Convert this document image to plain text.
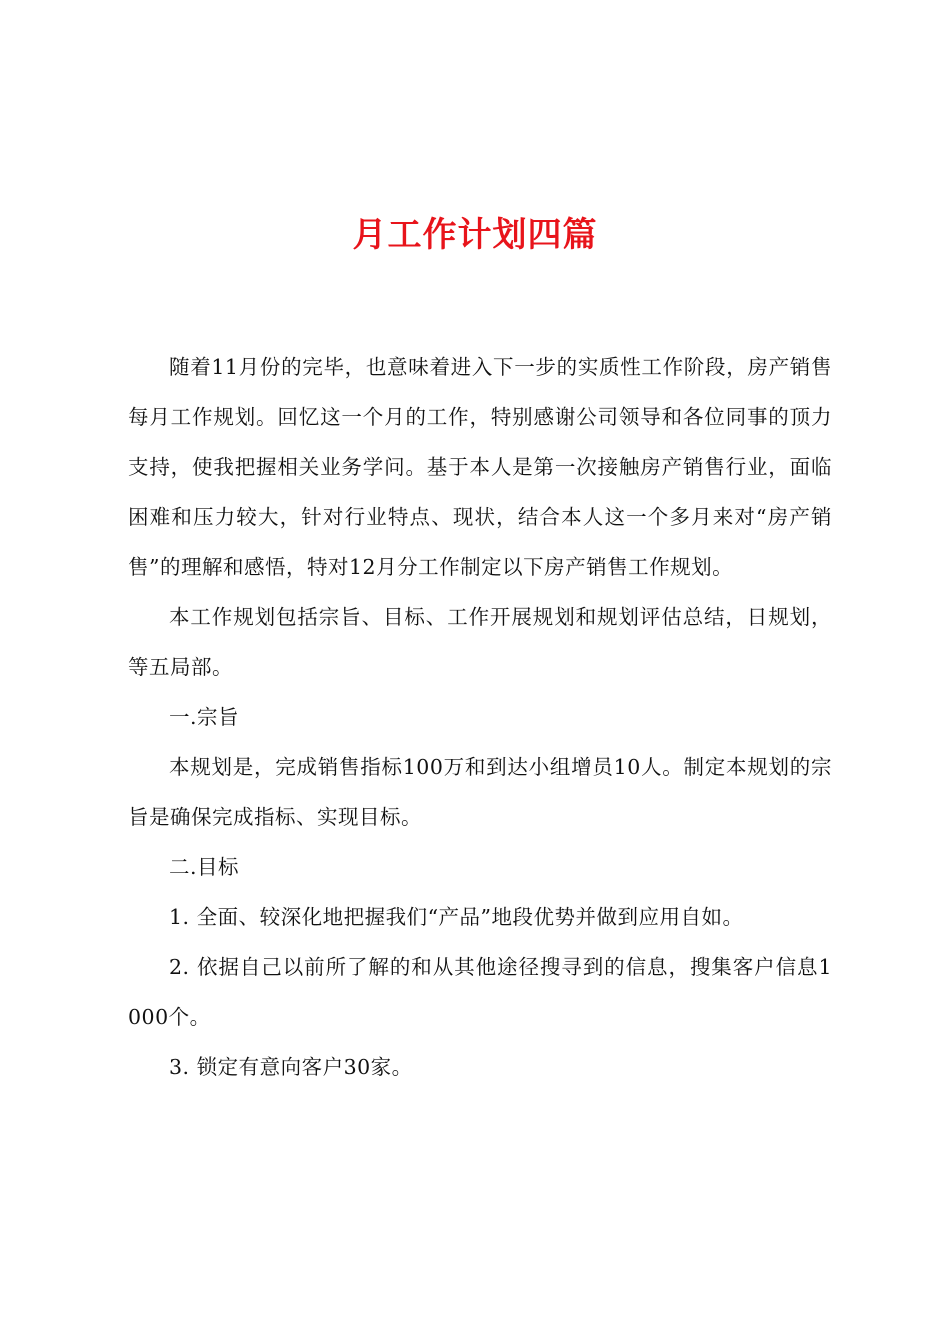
月工作计划四篇

随着11月份的完毕，也意味着进入下一步的实质性工作阶段，房产销售每月工作规划。回忆这一个月的工作，特别感谢公司领导和各位同事的顶力支持，使我把握相关业务学问。基于本人是第一次接触房产销售行业，面临困难和压力较大，针对行业特点、现状，结合本人这一个多月来对“房产销售”的理解和感悟，特对12月分工作制定以下房产销售工作规划。

本工作规划包括宗旨、目标、工作开展规划和规划评估总结，日规划，等五局部。

一.宗旨

本规划是，完成销售指标100万和到达小组增员10人。制定本规划的宗旨是确保完成指标、实现目标。

二.目标

1. 全面、较深化地把握我们“产品”地段优势并做到应用自如。

2. 依据自己以前所了解的和从其他途径搜寻到的信息，搜集客户信息1000个。

3. 锁定有意向客户30家。
